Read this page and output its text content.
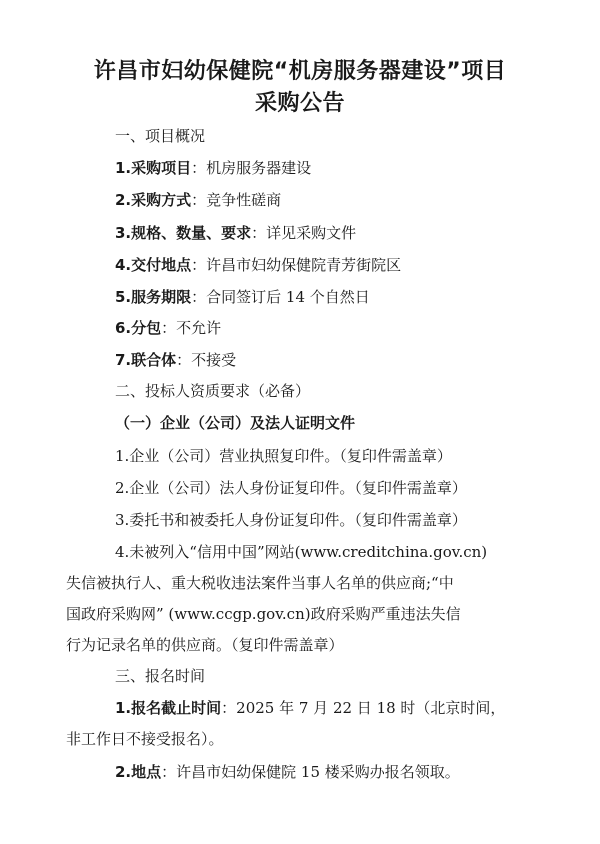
许昌市妇幼保健院“机房服务器建设”项目
采购公告
一、项目概况
1.采购项目：机房服务器建设
2.采购方式：竞争性磋商
3.规格、数量、要求：详见采购文件
4.交付地点：许昌市妇幼保健院青芳街院区
5.服务期限：合同签订后 14 个自然日
6.分包：不允许
7.联合体：不接受
二、投标人资质要求（必备）
（一）企业（公司）及法人证明文件
1.企业（公司）营业执照复印件。（复印件需盖章）
2.企业（公司）法人身份证复印件。（复印件需盖章）
3.委托书和被委托人身份证复印件。（复印件需盖章）
4.未被列入“信用中国”网站(www.creditchina.gov.cn)
失信被执行人、重大税收违法案件当事人名单的供应商;“中
国政府采购网” (www.ccgp.gov.cn)政府采购严重违法失信
行为记录名单的供应商。（复印件需盖章）
三、报名时间
1.报名截止时间：2025 年 7 月 22 日 18 时（北京时间，
非工作日不接受报名）。
2.地点：许昌市妇幼保健院 15 楼采购办报名领取。
